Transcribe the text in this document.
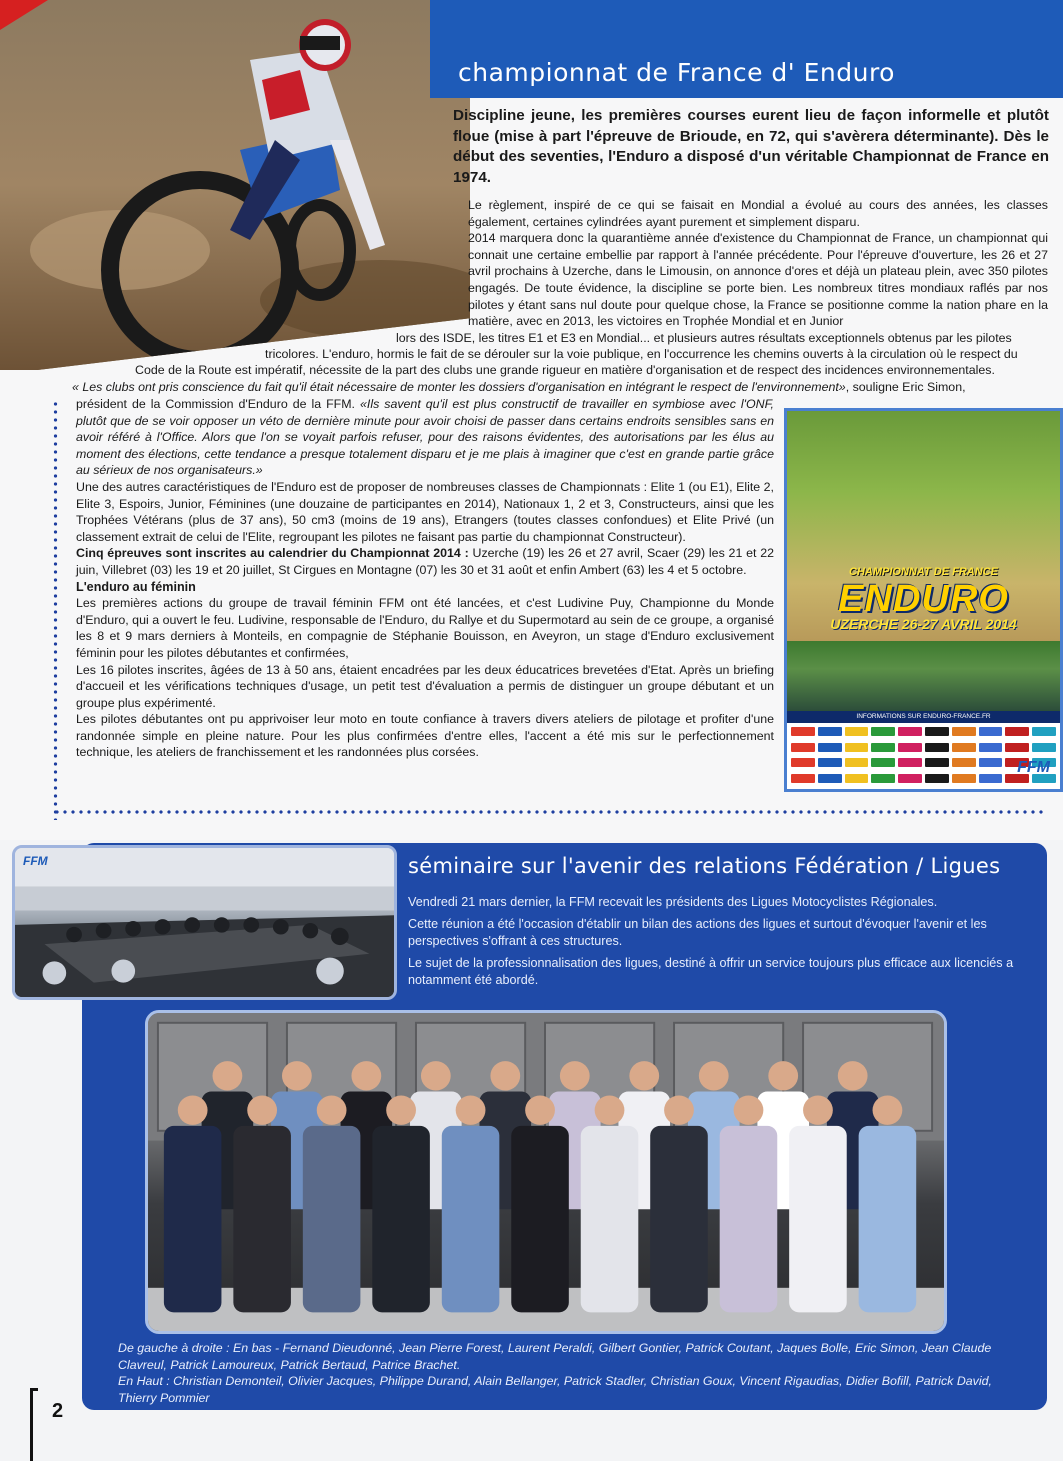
championnat de France d' Enduro

Discipline jeune, les premières courses eurent lieu de façon informelle et plutôt floue (mise à part l'épreuve de Brioude, en 72, qui s'avèrera déterminante). Dès le début des seventies, l'Enduro a disposé d'un véritable Championnat de France en 1974.

Le règlement, inspiré de ce qui se faisait en Mondial a évolué au cours des années, les classes également, certaines cylindrées ayant purement et simplement disparu.

2014 marquera donc la quarantième année d'existence du Championnat de France, un championnat qui connait une certaine embellie par rapport à l'année précédente. Pour l'épreuve d'ouverture, les 26 et 27 avril prochains à Uzerche, dans le Limousin, on annonce d'ores et déjà un plateau plein, avec 350 pilotes engagés. De toute évidence, la discipline se porte bien. Les nombreux titres mondiaux raflés par nos pilotes y étant sans nul doute pour quelque chose, la France se positionne comme la nation phare en la matière, avec en 2013, les victoires en Trophée Mondial et en Junior

lors des ISDE, les titres E1 et E3 en Mondial... et plusieurs autres résultats exceptionnels obtenus par les pilotes

tricolores. L'enduro, hormis le fait de se dérouler sur la voie publique, en l'occurrence les chemins ouverts à la circulation où le respect du

Code de la Route est impératif, nécessite de la part des clubs une grande rigueur en matière d'organisation et de respect des incidences environnementales.

« Les clubs ont pris conscience du fait qu'il était nécessaire de monter les dossiers d'organisation en intégrant le respect de l'environnement», souligne Eric Simon,

président de la Commission d'Enduro de la FFM. «Ils savent qu'il est plus constructif de travailler en symbiose avec l'ONF, plutôt que de se voir opposer un véto de dernière minute pour avoir choisi de passer dans certains endroits sensibles sans en avoir référé à l'Office. Alors que l'on se voyait parfois refuser, pour des raisons évidentes, des autorisations par les élus au moment des élections, cette tendance a presque totalement disparu et je me plais à imaginer que c'est en grande partie grâce au sérieux de nos organisateurs.»

Une des autres caractéristiques de l'Enduro est de proposer de nombreuses classes de Championnats : Elite 1 (ou E1), Elite 2, Elite 3, Espoirs, Junior, Féminines (une douzaine de participantes en 2014), Nationaux 1, 2 et 3, Constructeurs, ainsi que les Trophées Vétérans (plus de 37 ans), 50 cm3 (moins de 19 ans), Etrangers (toutes classes confondues) et Elite Privé (un classement extrait de celui de l'Elite, regroupant les pilotes ne faisant pas partie du championnat Constructeur).

Cinq épreuves sont inscrites au calendrier du Championnat 2014 : Uzerche (19) les 26 et 27 avril, Scaer (29) les 21 et 22 juin, Villebret (03) les 19 et 20 juillet, St Cirgues en Montagne (07) les 30 et 31 août et enfin Ambert (63) les 4 et 5 octobre.

L'enduro au féminin

Les premières actions du groupe de travail féminin FFM ont été lancées, et c'est Ludivine Puy, Championne du Monde d'Enduro, qui a ouvert le feu. Ludivine, responsable de l'Enduro, du Rallye et du Supermotard au sein de ce groupe, a organisé les 8 et 9 mars derniers à Monteils, en compagnie de Stéphanie Bouisson, en Aveyron, un stage d'Enduro exclusivement féminin pour les pilotes débutantes et confirmées,

Les 16 pilotes inscrites, âgées de 13 à 50 ans, étaient encadrées par les deux éducatrices brevetées d'Etat. Après un briefing d'accueil et les vérifications techniques d'usage, un petit test d'évaluation a permis de distinguer un groupe débutant et un groupe plus expérimenté.

Les pilotes débutantes ont pu apprivoiser leur moto en toute confiance à travers divers ateliers de pilotage et profiter d'une randonnée simple en pleine nature. Pour les plus confirmées d'entre elles, l'accent a été mis sur le perfectionnement technique, les ateliers de franchissement et les randonnées plus corsées.

CHAMPIONNAT DE FRANCE
ENDURO
UZERCHE 26-27 AVRIL 2014
INFORMATIONS SUR ENDURO-FRANCE.FR
FFM
FFM	séminaire sur l'avenir des relations Fédération / Ligues

Vendredi 21 mars dernier, la FFM recevait les présidents des Ligues Motocyclistes Régionales.

Cette réunion a été l'occasion d'établir un bilan des actions des ligues et surtout d'évoquer l'avenir et les perspectives s'offrant à ces structures.

Le sujet de la professionnalisation des ligues, destiné à offrir un service toujours plus efficace aux licenciés a notamment été abordé.

De gauche à droite : En bas - Fernand Dieudonné, Jean Pierre Forest, Laurent Peraldi, Gilbert Gontier, Patrick Coutant, Jaques Bolle, Eric Simon, Jean Claude Clavreul, Patrick Lamoureux, Patrick Bertaud, Patrice Brachet.

En Haut : Christian Demonteil, Olivier Jacques, Philippe Durand, Alain Bellanger, Patrick Stadler, Christian Goux, Vincent Rigaudias, Didier Bofill, Patrick David, Thierry Pommier

2
